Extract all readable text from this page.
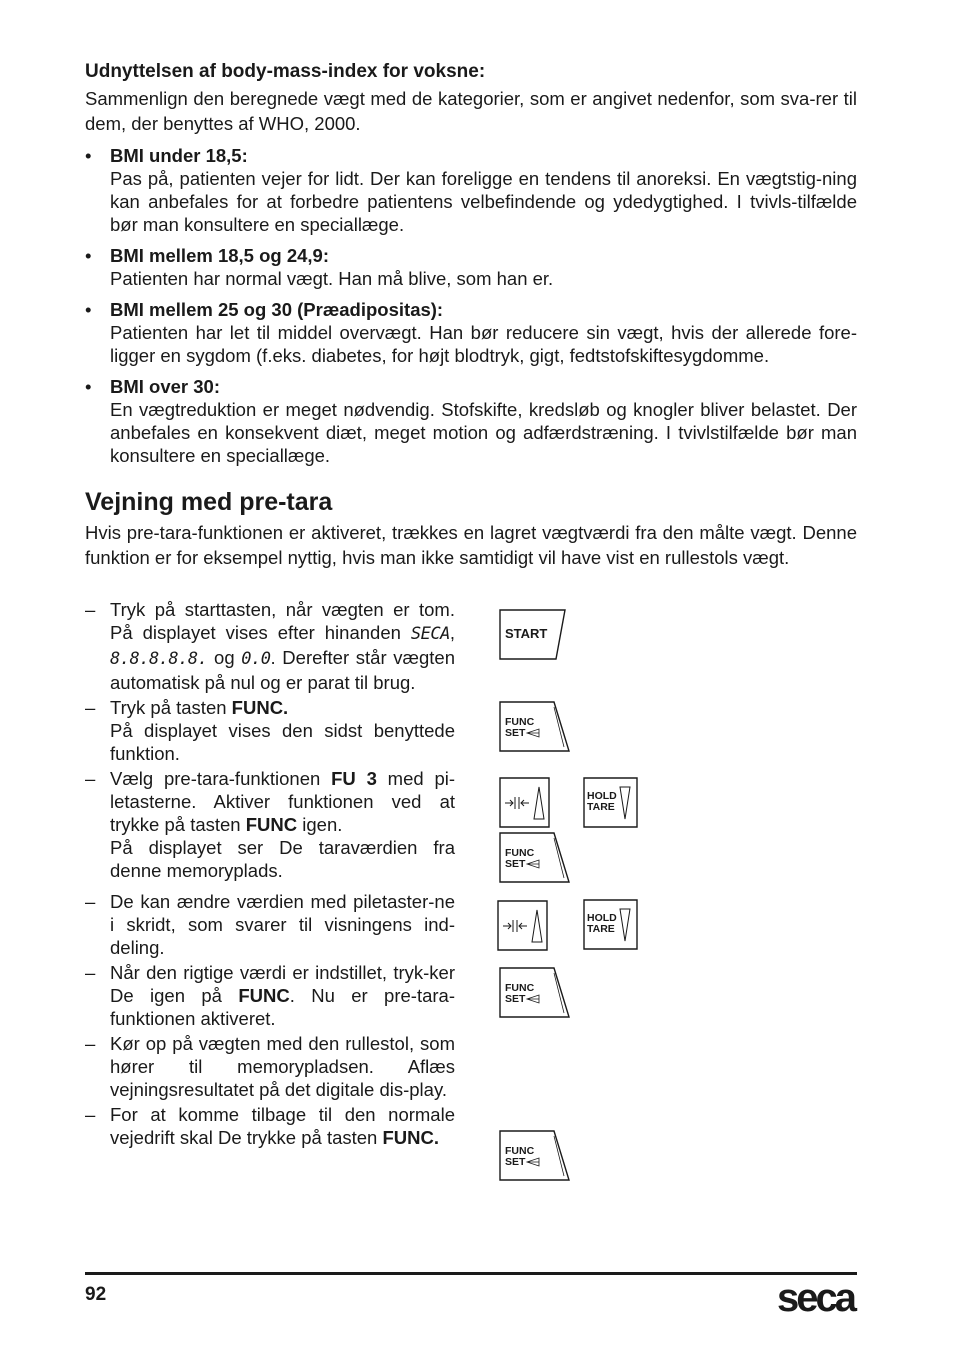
Udnyttelsen af body-mass-index for voksne:
Sammenlign den beregnede vægt med de kategorier, som er angivet nedenfor, som sva-rer til dem, der benyttes af WHO, 2000.
• BMI under 18,5:
Pas på, patienten vejer for lidt. Der kan foreligge en tendens til anoreksi. En vægtstig-ning kan anbefales for at forbedre patientens velbefindende og ydedygtighed. I tvivls-tilfælde bør man konsultere en speciallæge.
• BMI mellem 18,5 og 24,9:
Patienten har normal vægt. Han må blive, som han er.
• BMI mellem 25 og 30 (Præadipositas):
Patienten har let til middel overvægt. Han bør reducere sin vægt, hvis der allerede fore-ligger en sygdom (f.eks. diabetes, for højt blodtryk, gigt, fedtstofskiftesygdomme.
• BMI over 30:
En vægtreduktion er meget nødvendig. Stofskifte, kredsløb og knogler bliver belastet. Der anbefales en konsekvent diæt, meget motion og adfærdstræning. I tvivlstilfælde bør man konsultere en speciallæge.
Vejning med pre-tara
Hvis pre-tara-funktionen er aktiveret, trækkes en lagret vægtværdi fra den målte vægt. Denne funktion er for eksempel nyttig, hvis man ikke samtidigt vil have vist en rullestols vægt.
– Tryk på starttasten, når vægten er tom. På displayet vises efter hinanden SECA, 8.8.8.8.8. og 0.0. Derefter står vægten automatisk på nul og er parat til brug.
– Tryk på tasten FUNC.
På displayet vises den sidst benyttede funktion.
– Vælg pre-tara-funktionen FU 3 med pi-letasterne. Aktiver funktionen ved at trykke på tasten FUNC igen.
På displayet ser De taraværdien fra denne memoryplads.
– De kan ændre værdien med piletaster-ne i skridt, som svarer til visningens ind-deling.
– Når den rigtige værdi er indstillet, tryk-ker De igen på FUNC. Nu er pre-tara-funktionen aktiveret.
– Kør op på vægten med den rullestol, som hører til memorypladsen. Aflæs vejningsresultatet på det digitale dis-play.
– For at komme tilbage til den normale vejedrift skal De trykke på tasten FUNC.
START
FUNC
SET
HOLD
TARE
FUNC
SET
HOLD
TARE
FUNC
SET
FUNC
SET
92	seca
